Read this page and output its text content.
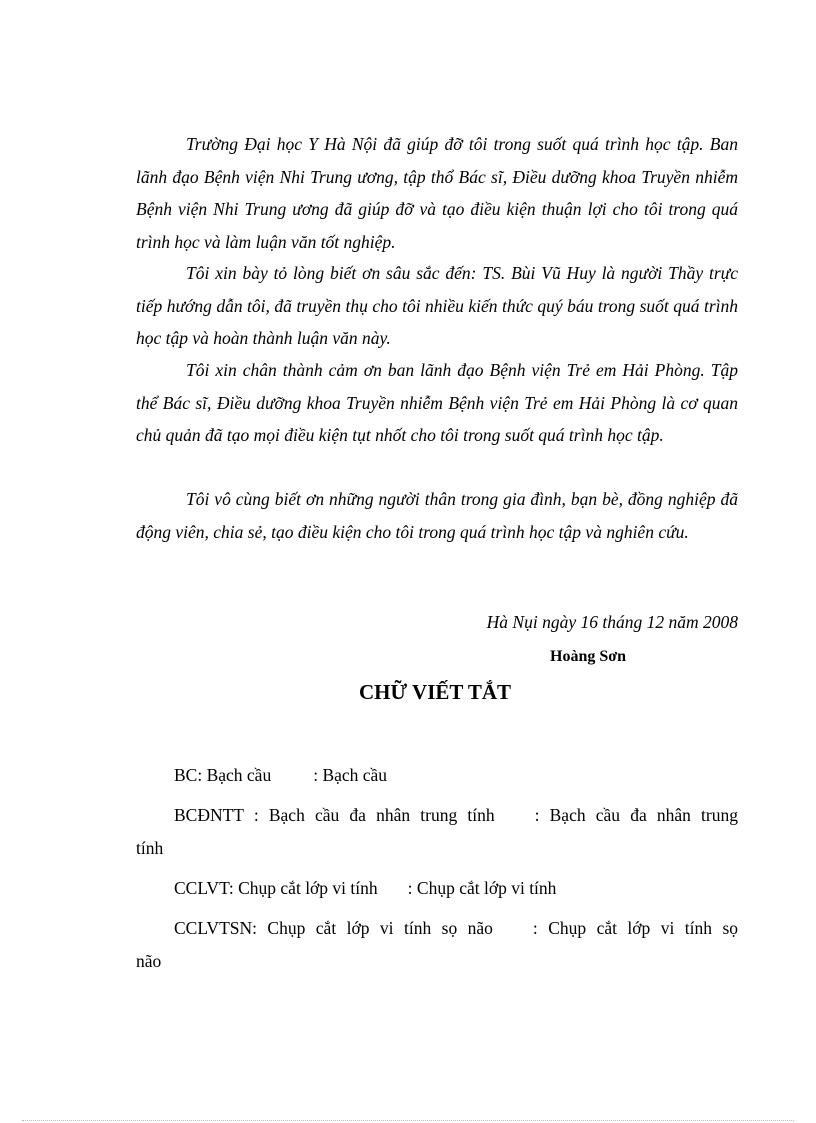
Trường Đại học Y Hà Nội đã giúp đỡ tôi trong suốt quá trình học tập. Ban lãnh đạo Bệnh viện Nhi Trung ương, tập thổ Bác sĩ, Điều dưỡng khoa Truyền nhiễm Bệnh viện Nhi Trung ương đã giúp đỡ và tạo điều kiện thuận lợi cho tôi trong quá trình học và làm luận văn tốt nghiệp.

Tôi xin bày tỏ lòng biết ơn sâu sắc đến: TS. Bùi Vũ Huy là người Thầy trực tiếp hướng dẫn tôi, đã truyền thụ cho tôi nhiều kiến thức quý báu trong suốt quá trình học tập và hoàn thành luận văn này.

Tôi xin chân thành cảm ơn ban lãnh đạo Bệnh viện Trẻ em Hải Phòng. Tập thể Bác sĩ, Điều dưỡng khoa Truyền nhiễm Bệnh viện Trẻ em Hải Phòng là cơ quan chủ quản đã tạo mọi điều kiện tụt nhốt cho tôi trong suốt quá trình học tập.

Tôi vô cùng biết ơn những người thân trong gia đình, bạn bè, đồng nghiệp đã động viên, chia sẻ, tạo điều kiện cho tôi trong quá trình học tập và nghiên cứu.

Hà Nụi ngày 16 tháng 12 năm 2008

Hoàng Sơn

CHỮ VIẾT TẮT

BC: Bạch cầu : Bạch cầu

BCĐNTT : Bạch cầu đa nhân trung tính : Bạch cầu đa nhân trung tính

CCLVT: Chụp cắt lớp vi tính : Chụp cắt lớp vi tính

CCLVTSN: Chụp cắt lớp vi tính sọ não : Chụp cắt lớp vi tính sọ não
